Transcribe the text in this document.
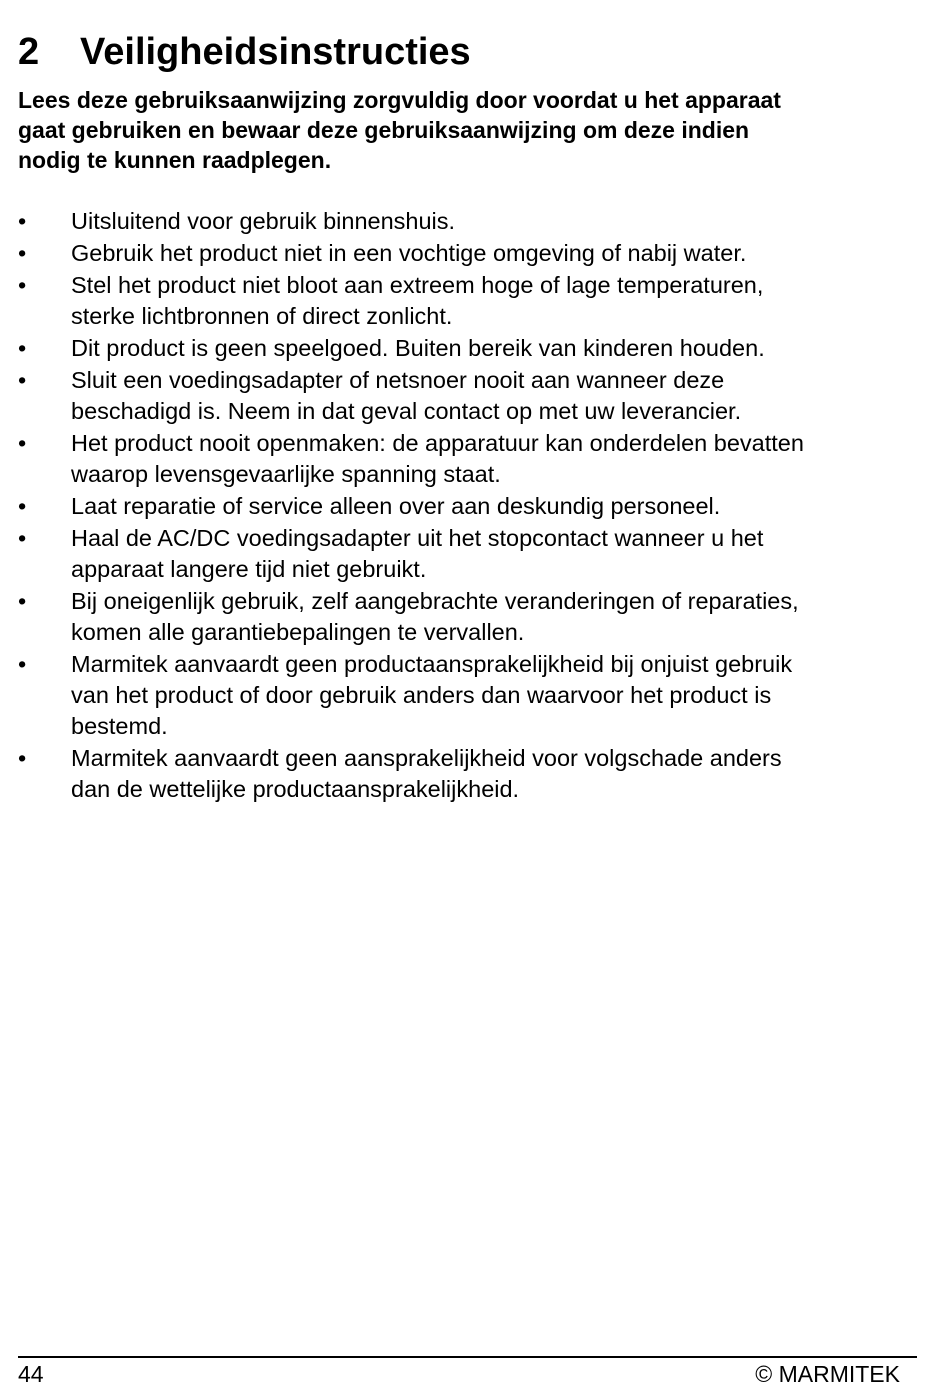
2 Veiligheidsinstructies

Lees deze gebruiksaanwijzing zorgvuldig door voordat u het apparaat
gaat gebruiken en bewaar deze gebruiksaanwijzing om deze indien
nodig te kunnen raadplegen.

•	Uitsluitend voor gebruik binnenshuis.
•	Gebruik het product niet in een vochtige omgeving of nabij water.
•	Stel het product niet bloot aan extreem hoge of lage temperaturen,
sterke lichtbronnen of direct zonlicht.
•	Dit product is geen speelgoed. Buiten bereik van kinderen houden.
•	Sluit een voedingsadapter of netsnoer nooit aan wanneer deze
beschadigd is. Neem in dat geval contact op met uw leverancier.
•	Het product nooit openmaken: de apparatuur kan onderdelen bevatten
waarop levensgevaarlijke spanning staat.
•	Laat reparatie of service alleen over aan deskundig personeel.
•	Haal de AC/DC voedingsadapter uit het stopcontact wanneer u het
apparaat langere tijd niet gebruikt.
•	Bij oneigenlijk gebruik, zelf aangebrachte veranderingen of reparaties,
komen alle garantiebepalingen te vervallen.
•	Marmitek aanvaardt geen productaansprakelijkheid bij onjuist gebruik
van het product of door gebruik anders dan waarvoor het product is
bestemd.
•	Marmitek aanvaardt geen aansprakelijkheid voor volgschade anders
dan de wettelijke productaansprakelijkheid.
44	© MARMITEK
